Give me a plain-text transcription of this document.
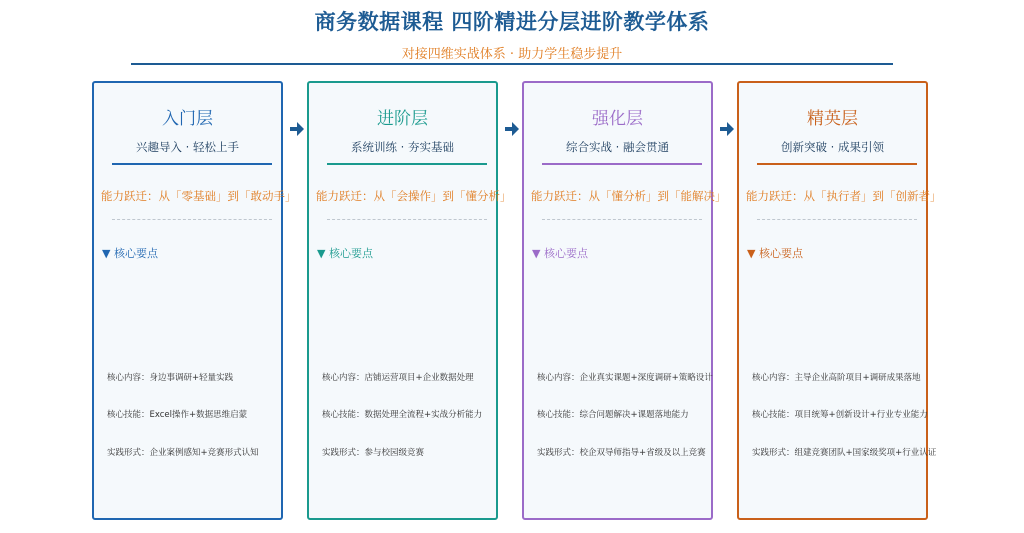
商务数据课程 四阶精进分层进阶教学体系
对接四维实战体系 · 助力学生稳步提升
入门层
兴趣导入 · 轻松上手
能力跃迁：从「零基础」到「敢动手」
▼ 核心要点
核心内容：身边事调研+轻量实践
核心技能：Excel操作+数据思维启蒙
实践形式：企业案例感知+竞赛形式认知
进阶层
系统训练 · 夯实基础
能力跃迁：从「会操作」到「懂分析」
▼ 核心要点
核心内容：店铺运营项目+企业数据处理
核心技能：数据处理全流程+实战分析能力
实践形式：参与校园级竞赛
强化层
综合实战 · 融会贯通
能力跃迁：从「懂分析」到「能解决」
▼ 核心要点
核心内容：企业真实课题+深度调研+策略设计
核心技能：综合问题解决+课题落地能力
实践形式：校企双导师指导+省级及以上竞赛
精英层
创新突破 · 成果引领
能力跃迁：从「执行者」到「创新者」
▼ 核心要点
核心内容：主导企业高阶项目+调研成果落地
核心技能：项目统筹+创新设计+行业专业能力
实践形式：组建竞赛团队+国家级奖项+行业认证
